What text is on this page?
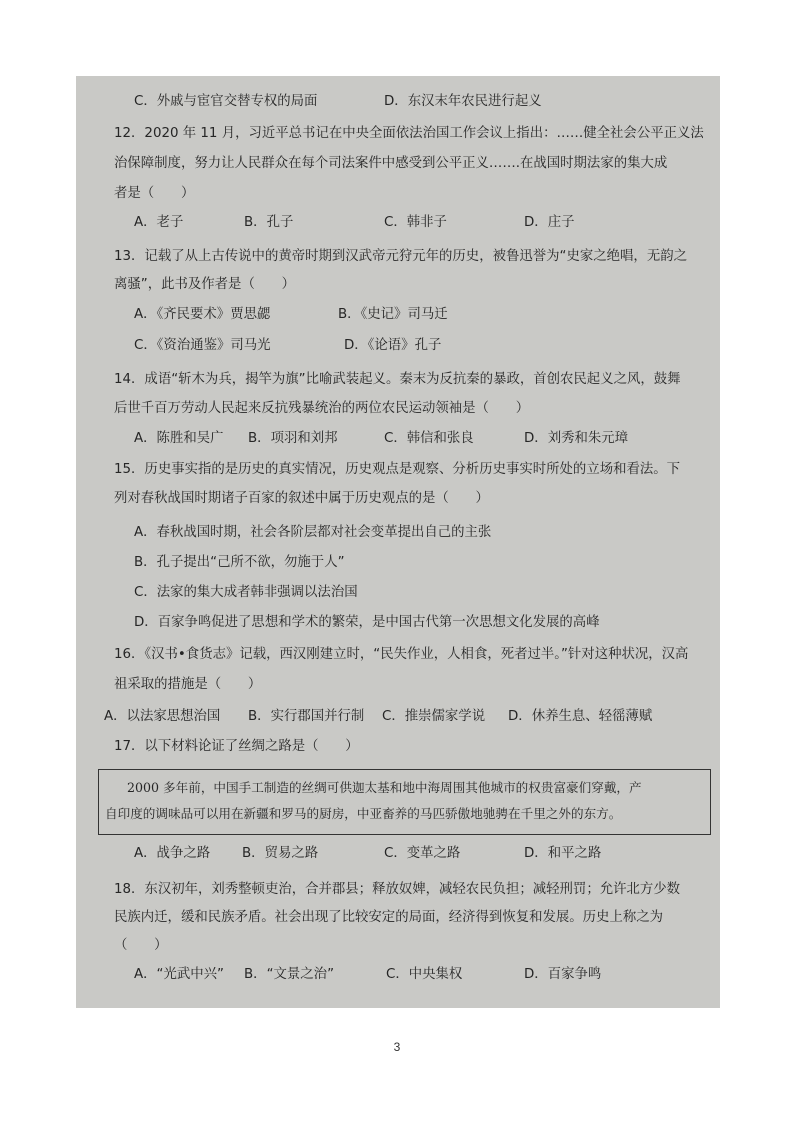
C．外戚与宦官交替专权的局面	D．东汉末年农民进行起义
12．2020 年 11 月，习近平总书记在中央全面依法治国工作会议上指出：……健全社会公平正义法
治保障制度，努力让人民群众在每个司法案件中感受到公平正义…….在战国时期法家的集大成
者是（　　）
A．老子	B．孔子	C．韩非子	D．庄子
13．记载了从上古传说中的黄帝时期到汉武帝元狩元年的历史，被鲁迅誉为“史家之绝唱，无韵之
离骚”，此书及作者是（　　）
A．《齐民要术》贾思勰	B．《史记》司马迁
C．《资治通鉴》司马光	D．《论语》孔子
14．成语“斩木为兵，揭竿为旗”比喻武装起义。秦末为反抗秦的暴政，首创农民起义之风，鼓舞
后世千百万劳动人民起来反抗残暴统治的两位农民运动领袖是（　　）
A．陈胜和吴广 B．项羽和刘邦	C．韩信和张良	D．刘秀和朱元璋
15．历史事实指的是历史的真实情况，历史观点是观察、分析历史事实时所处的立场和看法。下
列对春秋战国时期诸子百家的叙述中属于历史观点的是（　　）
A．春秋战国时期，社会各阶层都对社会变革提出自己的主张
B．孔子提出“己所不欲，勿施于人”
C．法家的集大成者韩非强调以法治国
D．百家争鸣促进了思想和学术的繁荣，是中国古代第一次思想文化发展的高峰
16．《汉书•食货志》记载，西汉刚建立时，“民失作业，人相食，死者过半。”针对这种状况，汉高
祖采取的措施是（　　）
A．以法家思想治国 B．实行郡国并行制 C．推崇儒家学说 D．休养生息、轻徭薄赋
17．以下材料论证了丝绸之路是（　　）
2000 多年前，中国手工制造的丝绸可供迦太基和地中海周围其他城市的权贵富豪们穿戴，产
自印度的调味品可以用在新疆和罗马的厨房，中亚畜养的马匹骄傲地驰骋在千里之外的东方。
A．战争之路 B．贸易之路	C．变革之路	D．和平之路
18．东汉初年，刘秀整顿吏治，合并郡县；释放奴婢，减轻农民负担；减轻刑罚；允许北方少数
民族内迁，缓和民族矛盾。社会出现了比较安定的局面，经济得到恢复和发展。历史上称之为
（　　）
A．“光武中兴” B．“文景之治”	C．中央集权	D．百家争鸣
3
